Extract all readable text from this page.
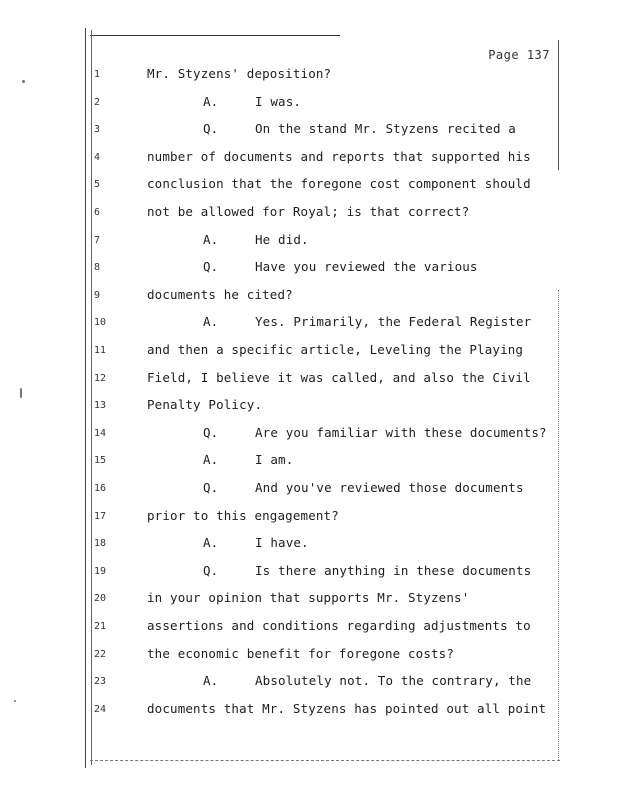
Page 137
1	Mr. Styzens' deposition?
2	A.	I was.
3	Q.	On the stand Mr. Styzens recited a
4	number of documents and reports that supported his
5	conclusion that the foregone cost component should
6	not be allowed for Royal; is that correct?
7	A.	He did.
8	Q.	Have you reviewed the various
9	documents he cited?
10	A.	Yes. Primarily, the Federal Register
11	and then a specific article, Leveling the Playing
12	Field, I believe it was called, and also the Civil
13	Penalty Policy.
14	Q.	Are you familiar with these documents?
15	A.	I am.
16	Q.	And you've reviewed those documents
17	prior to this engagement?
18	A.	I have.
19	Q.	Is there anything in these documents
20	in your opinion that supports Mr. Styzens'
21	assertions and conditions regarding adjustments to
22	the economic benefit for foregone costs?
23	A.	Absolutely not. To the contrary, the
24	documents that Mr. Styzens has pointed out all point
